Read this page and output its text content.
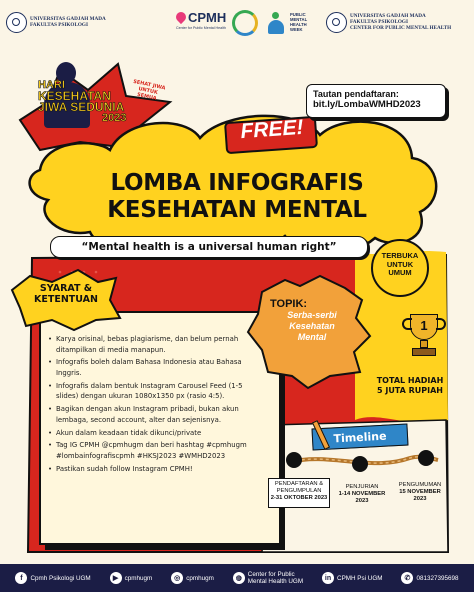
UNIVERSITAS GADJAH MADA
FAKULTAS PSIKOLOGI	CPMH
Center for Public Mental Health
PUBLIC
MENTAL
HEALTH
WEEK
UNIVERSITAS GADJAH MADA
FAKULTAS PSIKOLOGI
CENTER FOR PUBLIC MENTAL HEALTH
HARI
KESEHATAN
JIWA SEDUNIA
2023
SEHAT JIWA UNTUK SEMUA	Tautan pendaftaran:
bit.ly/LombaWMHD2023
FREE!
LOMBA INFOGRAFIS
KESEHATAN MENTAL
“Mental health is a universal human right”
TERBUKA
UNTUK
UMUM
SYARAT &
KETENTUAN
• Karya orisinal, bebas plagiarisme, dan belum pernah ditampilkan di media manapun.
• Infografis boleh dalam Bahasa Indonesia atau Bahasa Inggris.
• Infografis dalam bentuk Instagram Carousel Feed (1-5 slides) dengan ukuran 1080x1350 px (rasio 4:5).
• Bagikan dengan akun Instagram pribadi, bukan akun lembaga, second account, alter dan sejenisnya.
• Akun dalam keadaan tidak dikunci/private
• Tag IG CPMH @cpmhugm dan beri hashtag #cpmhugm #lombainfografiscpmh #HKSJ2023 #WMHD2023
• Pastikan sudah follow Instagram CPMH!
TOPIK:
Serba-serbi
Kesehatan
Mental
1
TOTAL HADIAH
5 JUTA RUPIAH
Timeline
PENDAFTARAN &
PENGUMPULAN
2-31 OKTOBER 2023
PENJURIAN
1-14 NOVEMBER 2023
PENGUMUMAN
15 NOVEMBER 2023
f	Cpmh Psikologi UGM	▶	cpmhugm	◎ cpmhugm	◍
Center for Public
Mental Health UGM	in CPMH Psi UGM	✆ 081327395698
